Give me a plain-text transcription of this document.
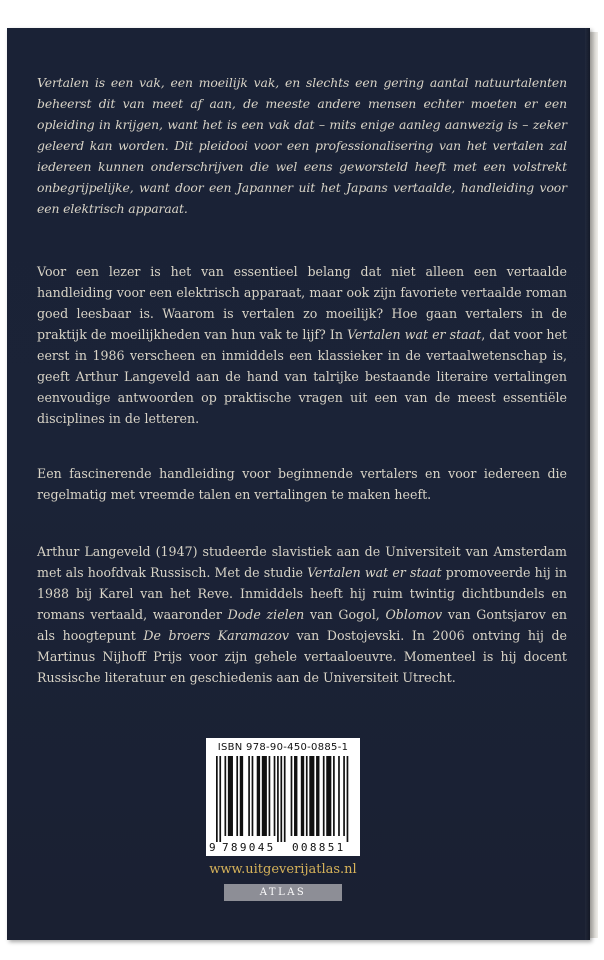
Vertalen is een vak, een moeilijk vak, en slechts een gering aantal natuurtalenten beheerst dit van meet af aan, de meeste andere mensen echter moeten er een opleiding in krijgen, want het is een vak dat – mits enige aanleg aanwezig is – zeker geleerd kan worden. Dit pleidooi voor een professionalisering van het vertalen zal iedereen kunnen onderschrijven die wel eens geworsteld heeft met een volstrekt onbegrijpelijke, want door een Japanner uit het Japans vertaalde, handleiding voor een elektrisch apparaat.

Voor een lezer is het van essentieel belang dat niet alleen een vertaalde handleiding voor een elektrisch apparaat, maar ook zijn favoriete vertaalde roman goed leesbaar is. Waarom is vertalen zo moeilijk? Hoe gaan vertalers in de praktijk de moeilijkheden van hun vak te lijf? In Vertalen wat er staat, dat voor het eerst in 1986 verscheen en inmiddels een klassieker in de vertaalwetenschap is, geeft Arthur Langeveld aan de hand van talrijke bestaande literaire vertalingen eenvoudige antwoorden op praktische vragen uit een van de meest essentiële disciplines in de letteren.

Een fascinerende handleiding voor beginnende vertalers en voor iedereen die regelmatig met vreemde talen en vertalingen te maken heeft.

Arthur Langeveld (1947) studeerde slavistiek aan de Universiteit van Amsterdam met als hoofdvak Russisch. Met de studie Vertalen wat er staat promoveerde hij in 1988 bij Karel van het Reve. Inmiddels heeft hij ruim twintig dichtbundels en romans vertaald, waaronder Dode zielen van Gogol, Oblomov van Gontsjarov en als hoogtepunt De broers Karamazov van Dostojevski. In 2006 ontving hij de Martinus Nijhoff Prijs voor zijn gehele vertaaloeuvre. Momenteel is hij docent Russische literatuur en geschiedenis aan de Universiteit Utrecht.

ISBN 978-90-450-0885-1
9 789045 008851
www.uitgeverijatlas.nl
ATLAS
